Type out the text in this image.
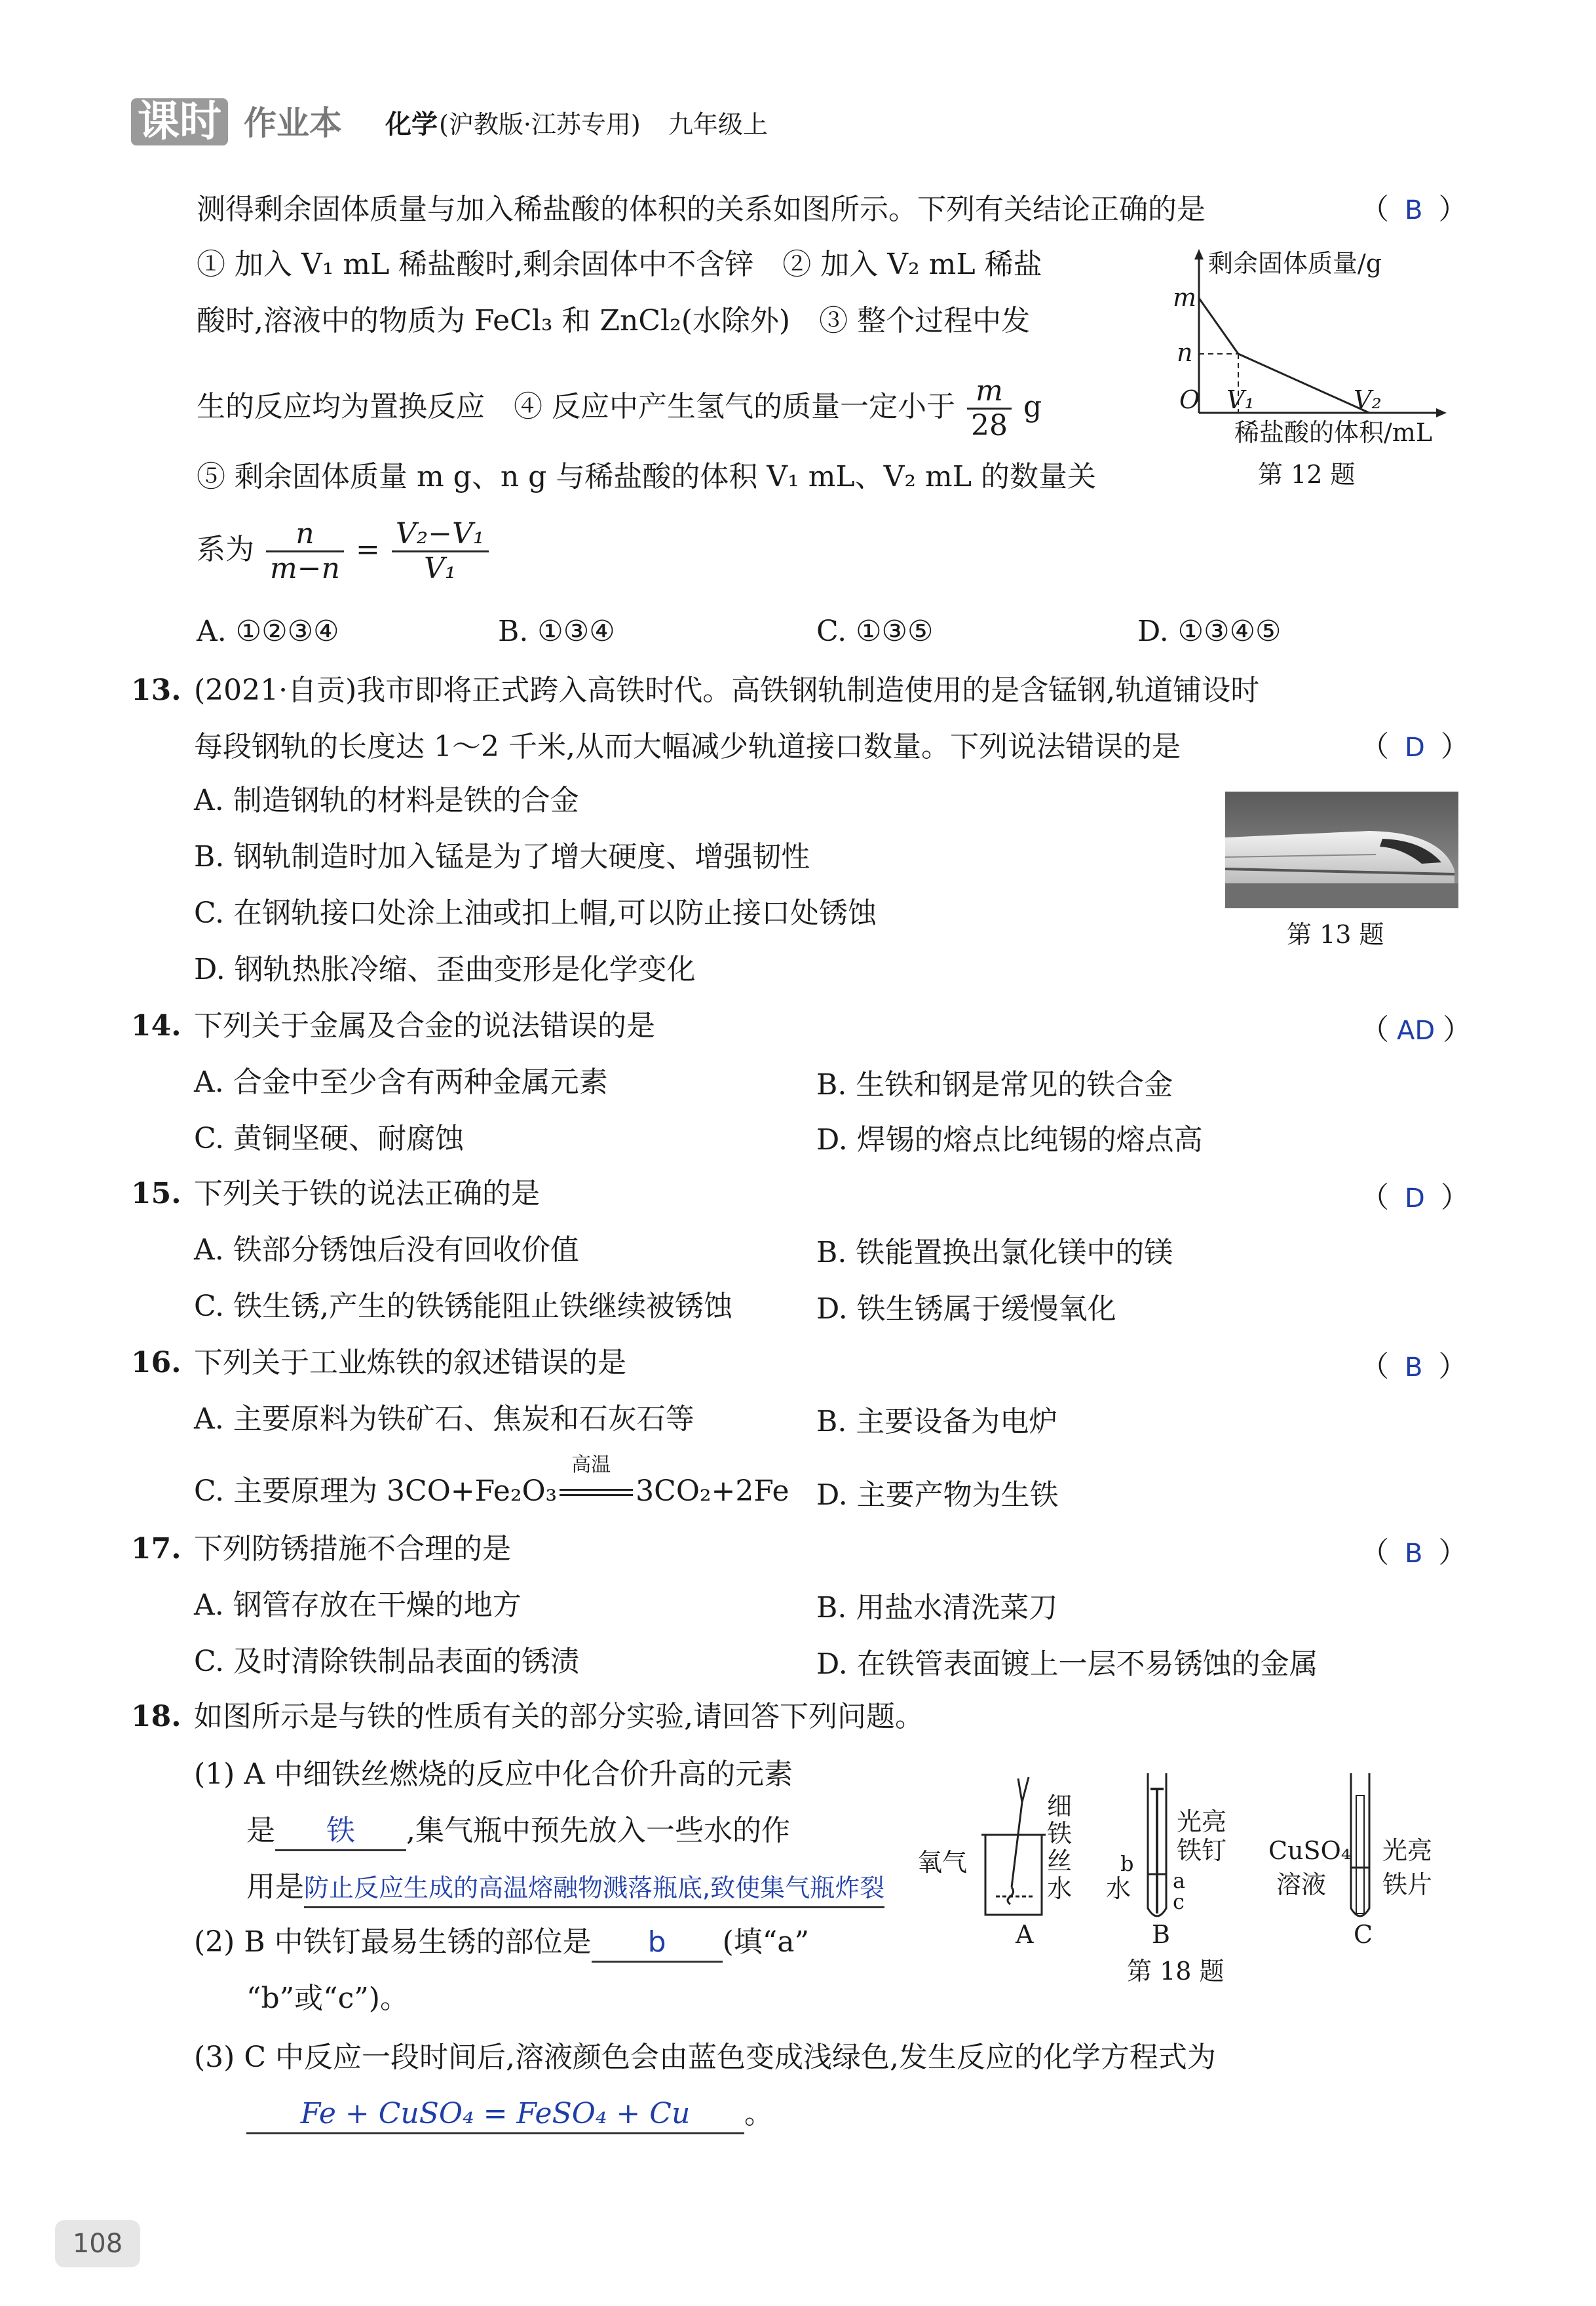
课时 作业本 化学 (沪教版·江苏专用) 九年级上
测得剩余固体质量与加入稀盐酸的体积的关系如图所示。下列有关结论正确的是	（ B ）
① 加入 V₁ mL 稀盐酸时,剩余固体中不含锌　② 加入 V₂ mL 稀盐
酸时,溶液中的物质为 FeCl₃ 和 ZnCl₂(水除外)　③ 整个过程中发
生的反应均为置换反应　④ 反应中产生氢气的质量一定小于 $\frac{m}{28}$ g
⑤ 剩余固体质量 m g、n g 与稀盐酸的体积 V₁ mL、V₂ mL 的数量关
系为 $\frac{n}{m-n} = \frac{\text{V₂−V₁}}{\text{V₁}}$
A. ①②③④	B. ①③④	C. ①③⑤	D. ①③④⑤
剩余固体质量/g
m
n
O V₁	V₂
稀盐酸的体积/mL
第 12 题
13. (2021·自贡)我市即将正式跨入高铁时代。高铁钢轨制造使用的是含锰钢,轨道铺设时
每段钢轨的长度达 1～2 千米,从而大幅减少轨道接口数量。下列说法错误的是	（ D ）
A. 制造钢轨的材料是铁的合金
B. 钢轨制造时加入锰是为了增大硬度、增强韧性
C. 在钢轨接口处涂上油或扣上帽,可以防止接口处锈蚀
D. 钢轨热胀冷缩、歪曲变形是化学变化
第 13 题
14. 下列关于金属及合金的说法错误的是	（ AD ）
A. 合金中至少含有两种金属元素	B. 生铁和钢是常见的铁合金
C. 黄铜坚硬、耐腐蚀	D. 焊锡的熔点比纯锡的熔点高
15. 下列关于铁的说法正确的是	（ D ）
A. 铁部分锈蚀后没有回收价值	B. 铁能置换出氯化镁中的镁
C. 铁生锈,产生的铁锈能阻止铁继续被锈蚀	D. 铁生锈属于缓慢氧化
16. 下列关于工业炼铁的叙述错误的是	（ B ）
A. 主要原料为铁矿石、焦炭和石灰石等	B. 主要设备为电炉
C. 主要原理为 3CO+Fe₂O₃
高温
3CO₂+2Fe D. 主要产物为生铁
17. 下列防锈措施不合理的是	（ B ）
A. 钢管存放在干燥的地方	B. 用盐水清洗菜刀
C. 及时清除铁制品表面的锈渍	D. 在铁管表面镀上一层不易锈蚀的金属
18. 如图所示是与铁的性质有关的部分实验,请回答下列问题。
(1) A 中细铁丝燃烧的反应中化合价升高的元素
是 铁 ,集气瓶中预先放入一些水的作
用是防止反应生成的高温熔融物溅落瓶底,致使集气瓶炸裂
(2) B 中铁钉最易生锈的部位是 b (填“a”
“b”或“c”)。
(3) C 中反应一段时间后,溶液颜色会由蓝色变成浅绿色,发生反应的化学方程式为
Fe + CuSO₄ = FeSO₄ + Cu 。
氧气
细
铁
丝
水
A
光亮
铁钉
b
a
c
水
B
CuSO₄
溶液
光亮
铁片
C
第 18 题
108
